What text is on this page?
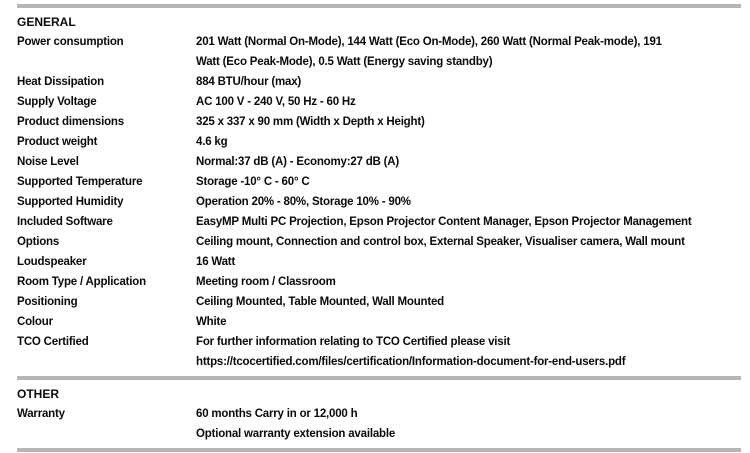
GENERAL
Power consumption	201 Watt (Normal On-Mode), 144 Watt (Eco On-Mode), 260 Watt (Normal Peak-mode), 191
Watt (Eco Peak-Mode), 0.5 Watt (Energy saving standby)
Heat Dissipation	884 BTU/hour (max)
Supply Voltage	AC 100 V - 240 V, 50 Hz - 60 Hz
Product dimensions	325 x 337 x 90 mm (Width x Depth x Height)
Product weight	4.6 kg
Noise Level	Normal:37 dB (A) - Economy:27 dB (A)
Supported Temperature	Storage -10° C - 60° C
Supported Humidity	Operation 20% - 80%, Storage 10% - 90%
Included Software	EasyMP Multi PC Projection, Epson Projector Content Manager, Epson Projector Management
Options	Ceiling mount, Connection and control box, External Speaker, Visualiser camera, Wall mount
Loudspeaker	16 Watt
Room Type / Application	Meeting room / Classroom
Positioning	Ceiling Mounted, Table Mounted, Wall Mounted
Colour	White
TCO Certified	For further information relating to TCO Certified please visit
https://tcocertified.com/files/certification/Information-document-for-end-users.pdf
OTHER
Warranty	60 months Carry in or 12,000 h
Optional warranty extension available
